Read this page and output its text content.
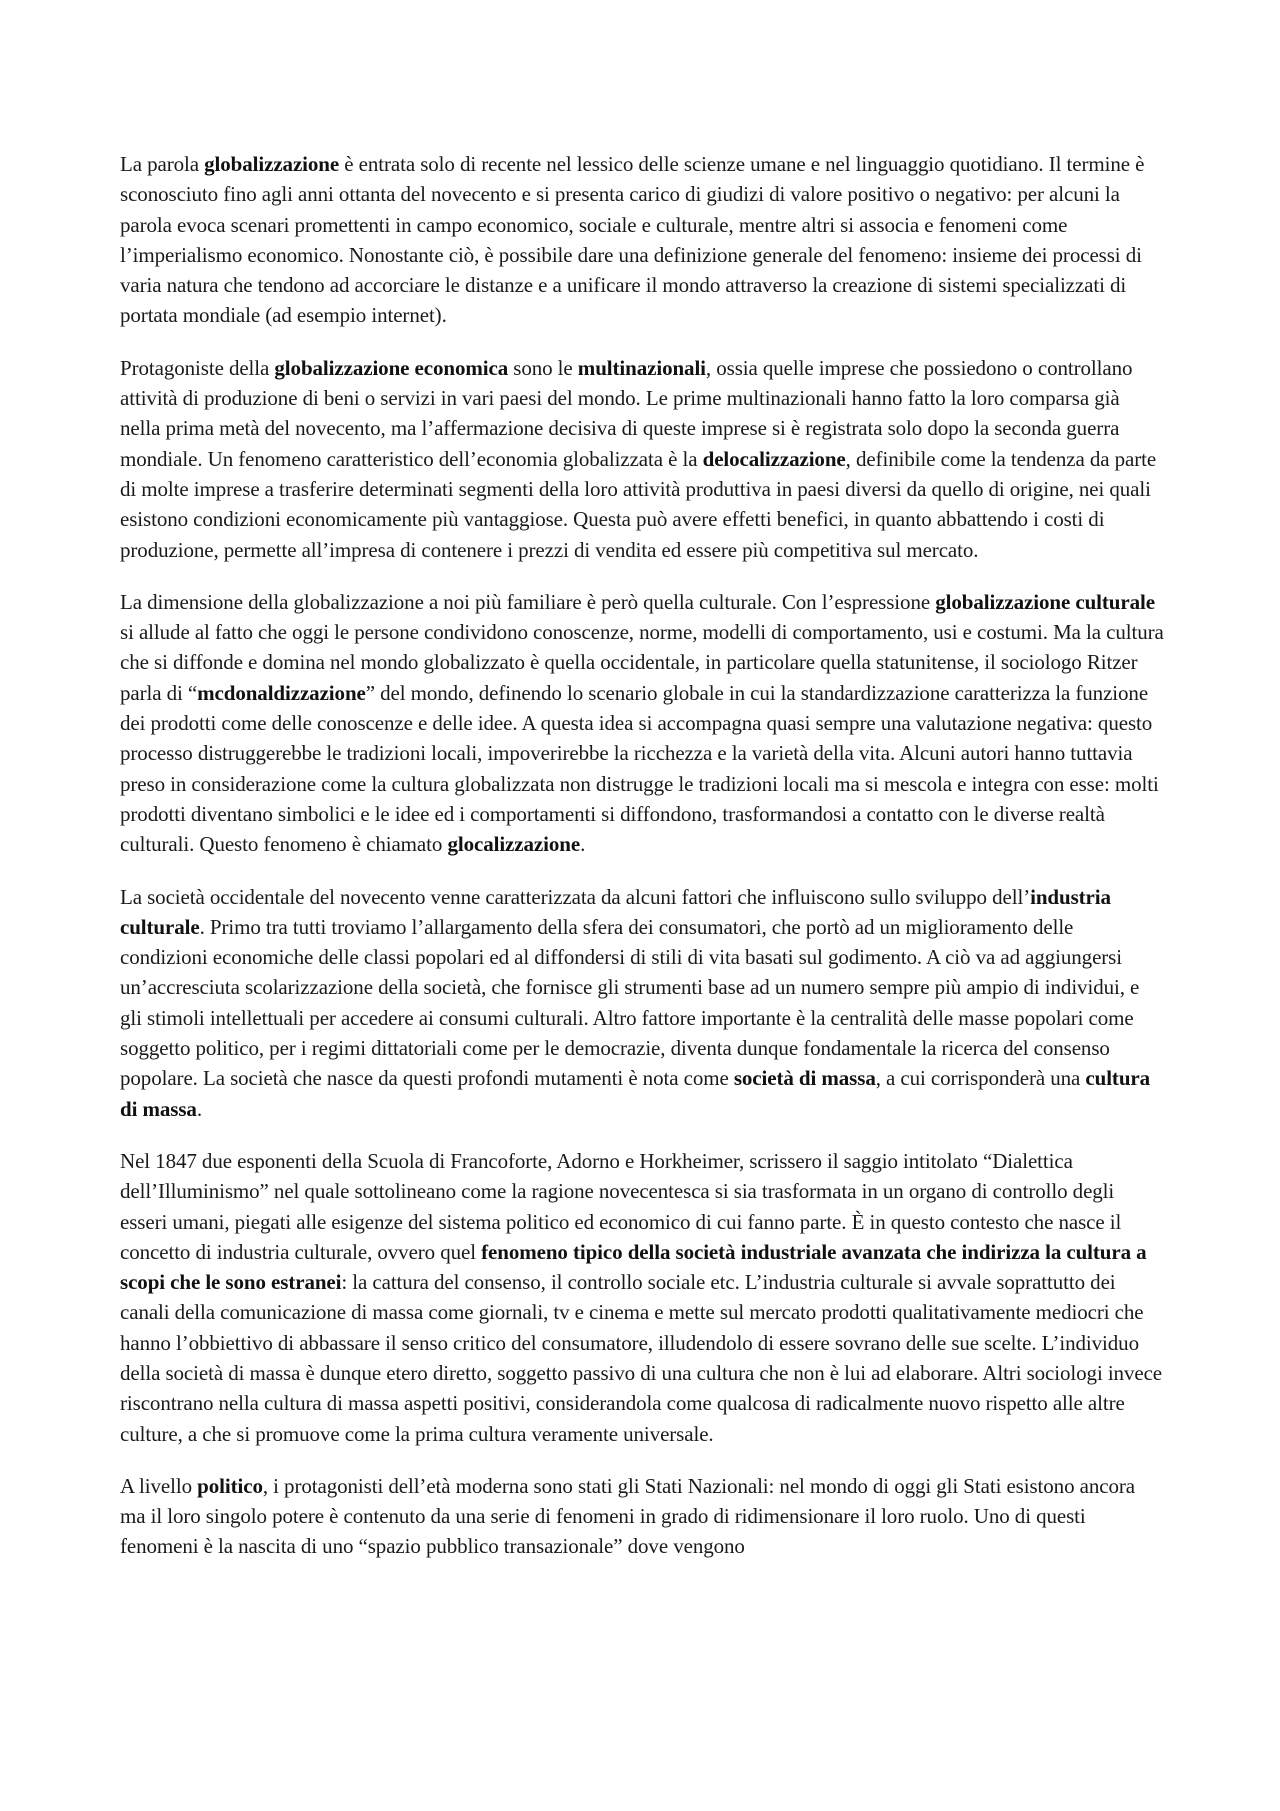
La parola globalizzazione è entrata solo di recente nel lessico delle scienze umane e nel linguaggio quotidiano. Il termine è sconosciuto fino agli anni ottanta del novecento e si presenta carico di giudizi di valore positivo o negativo: per alcuni la parola evoca scenari promettenti in campo economico, sociale e culturale, mentre altri si associa e fenomeni come l’imperialismo economico. Nonostante ciò, è possibile dare una definizione generale del fenomeno: insieme dei processi di varia natura che tendono ad accorciare le distanze e a unificare il mondo attraverso la creazione di sistemi specializzati di portata mondiale (ad esempio internet).

Protagoniste della globalizzazione economica sono le multinazionali, ossia quelle imprese che possiedono o controllano attività di produzione di beni o servizi in vari paesi del mondo. Le prime multinazionali hanno fatto la loro comparsa già nella prima metà del novecento, ma l’affermazione decisiva di queste imprese si è registrata solo dopo la seconda guerra mondiale. Un fenomeno caratteristico dell’economia globalizzata è la delocalizzazione, definibile come la tendenza da parte di molte imprese a trasferire determinati segmenti della loro attività produttiva in paesi diversi da quello di origine, nei quali esistono condizioni economicamente più vantaggiose. Questa può avere effetti benefici, in quanto abbattendo i costi di produzione, permette all’impresa di contenere i prezzi di vendita ed essere più competitiva sul mercato.

La dimensione della globalizzazione a noi più familiare è però quella culturale. Con l’espressione globalizzazione culturale si allude al fatto che oggi le persone condividono conoscenze, norme, modelli di comportamento, usi e costumi. Ma la cultura che si diffonde e domina nel mondo globalizzato è quella occidentale, in particolare quella statunitense, il sociologo Ritzer parla di “mcdonaldizzazione” del mondo, definendo lo scenario globale in cui la standardizzazione caratterizza la funzione dei prodotti come delle conoscenze e delle idee. A questa idea si accompagna quasi sempre una valutazione negativa: questo processo distruggerebbe le tradizioni locali, impoverirebbe la ricchezza e la varietà della vita. Alcuni autori hanno tuttavia preso in considerazione come la cultura globalizzata non distrugge le tradizioni locali ma si mescola e integra con esse: molti prodotti diventano simbolici e le idee ed i comportamenti si diffondono, trasformandosi a contatto con le diverse realtà culturali. Questo fenomeno è chiamato glocalizzazione.

La società occidentale del novecento venne caratterizzata da alcuni fattori che influiscono sullo sviluppo dell’industria culturale. Primo tra tutti troviamo l’allargamento della sfera dei consumatori, che portò ad un miglioramento delle condizioni economiche delle classi popolari ed al diffondersi di stili di vita basati sul godimento. A ciò va ad aggiungersi un’accresciuta scolarizzazione della società, che fornisce gli strumenti base ad un numero sempre più ampio di individui, e gli stimoli intellettuali per accedere ai consumi culturali. Altro fattore importante è la centralità delle masse popolari come soggetto politico, per i regimi dittatoriali come per le democrazie, diventa dunque fondamentale la ricerca del consenso popolare. La società che nasce da questi profondi mutamenti è nota come società di massa, a cui corrisponderà una cultura di massa.

Nel 1847 due esponenti della Scuola di Francoforte, Adorno e Horkheimer, scrissero il saggio intitolato “Dialettica dell’Illuminismo” nel quale sottolineano come la ragione novecentesca si sia trasformata in un organo di controllo degli esseri umani, piegati alle esigenze del sistema politico ed economico di cui fanno parte. È in questo contesto che nasce il concetto di industria culturale, ovvero quel fenomeno tipico della società industriale avanzata che indirizza la cultura a scopi che le sono estranei: la cattura del consenso, il controllo sociale etc. L’industria culturale si avvale soprattutto dei canali della comunicazione di massa come giornali, tv e cinema e mette sul mercato prodotti qualitativamente mediocri che hanno l’obbiettivo di abbassare il senso critico del consumatore, illudendolo di essere sovrano delle sue scelte. L’individuo della società di massa è dunque etero diretto, soggetto passivo di una cultura che non è lui ad elaborare. Altri sociologi invece riscontrano nella cultura di massa aspetti positivi, considerandola come qualcosa di radicalmente nuovo rispetto alle altre culture, a che si promuove come la prima cultura veramente universale.

A livello politico, i protagonisti dell’età moderna sono stati gli Stati Nazionali: nel mondo di oggi gli Stati esistono ancora ma il loro singolo potere è contenuto da una serie di fenomeni in grado di ridimensionare il loro ruolo. Uno di questi fenomeni è la nascita di uno “spazio pubblico transazionale” dove vengono
